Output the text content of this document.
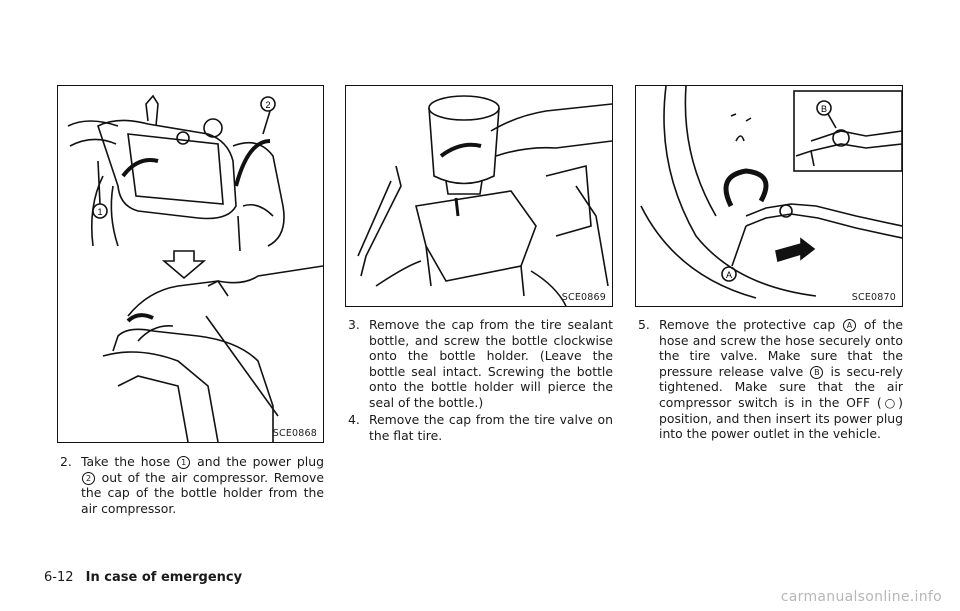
1
2
SCE0868
SCE0869
A
B
SCE0870
2. Take the hose 1 and the power plug 2 out of the air compressor. Remove the cap of the bottle holder from the air compressor.
3. Remove the cap from the tire sealant bottle, and screw the bottle clockwise onto the bottle holder. (Leave the bottle seal intact. Screwing the bottle onto the bottle holder will pierce the seal of the bottle.)
4. Remove the cap from the tire valve on the flat tire.
5. Remove the protective cap A of the hose and screw the hose securely onto the tire valve. Make sure that the pressure release valve B is secu-rely tightened. Make sure that the air compressor switch is in the OFF (○) position, and then insert its power plug into the power outlet in the vehicle.
6-12 In case of emergency
carmanualsonline.info
